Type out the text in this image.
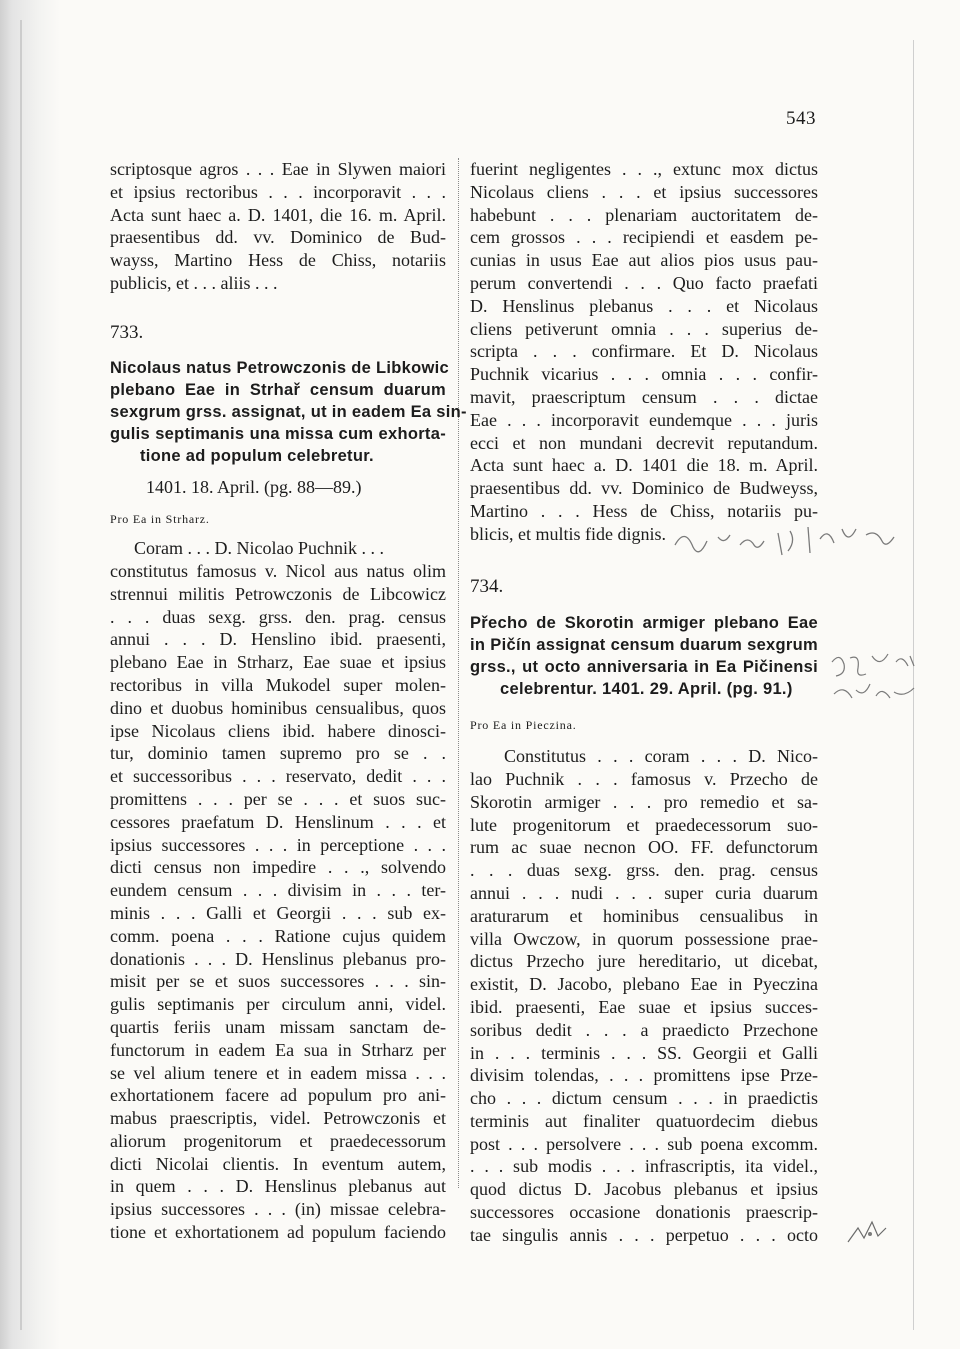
543

scriptosque agros . . . Eae in Slywen maiori
et ipsius rectoribus . . . incorporavit . . .
Acta sunt haec a. D. 1401, die 16. m. April.
praesentibus dd. vv. Dominico de Bud-
wayss, Martino Hess de Chiss, notariis
publicis, et . . . aliis . . .

733.

Nicolaus natus Petrowczonis de Libkowic
plebano Eae in Strhař censum duarum
sexgrum grss. assignat, ut in eadem Ea sin-
gulis septimanis una missa cum exhorta-
tione ad populum celebretur.

1401. 18. April. (pg. 88—89.)

Pro Ea in Strharz.

Coram . . . D. Nicolao Puchnik . . .
constitutus famosus v. Nicol aus natus olim
strennui militis Petrowczonis de Libcowicz
. . . duas sexg. grss. den. prag. census
annui . . . D. Henslino ibid. praesenti,
plebano Eae in Strharz, Eae suae et ipsius
rectoribus in villa Mukodel super molen-
dino et duobus hominibus censualibus, quos
ipse Nicolaus cliens ibid. habere dinosci-
tur, dominio tamen supremo pro se . .
et successoribus . . . reservato, dedit . . .
promittens . . . per se . . . et suos suc-
cessores praefatum D. Henslinum . . . et
ipsius successores . . . in perceptione . . .
dicti census non impedire . . ., solvendo
eundem censum . . . divisim in . . . ter-
minis . . . Galli et Georgii . . . sub ex-
comm. poena . . . Ratione cujus quidem
donationis . . . D. Henslinus plebanus pro-
misit per se et suos successores . . . sin-
gulis septimanis per circulum anni, videl.
quartis feriis unam missam sanctam de-
functorum in eadem Ea sua in Strharz per
se vel alium tenere et in eadem missa . . .
exhortationem facere ad populum pro ani-
mabus praescriptis, videl. Petrowczonis et
aliorum progenitorum et praedecessorum
dicti Nicolai clientis. In eventum autem,
in quem . . . D. Henslinus plebanus aut
ipsius successores . . . (in) missae celebra-
tione et exhortationem ad populum faciendo

fuerint negligentes . . ., extunc mox dictus
Nicolaus cliens . . . et ipsius successores
habebunt . . . plenariam auctoritatem de-
cem grossos . . . recipiendi et easdem pe-
cunias in usus Eae aut alios pios usus pau-
perum convertendi . . . Quo facto praefati
D. Henslinus plebanus . . . et Nicolaus
cliens petiverunt omnia . . . superius de-
scripta . . . confirmare. Et D. Nicolaus
Puchnik vicarius . . . omnia . . . confir-
mavit, praescriptum censum . . . dictae
Eae . . . incorporavit eundemque . . . juris
ecci et non mundani decrevit reputandum.
Acta sunt haec a. D. 1401 die 18. m. April.
praesentibus dd. vv. Dominico de Budweyss,
Martino . . . Hess de Chiss, notariis pu-
blicis, et multis fide dignis.

734.

Přecho de Skorotin armiger plebano Eae
in Pičín assignat censum duarum sexgrum
grss., ut octo anniversaria in Ea Pičinensi
celebrentur. 1401. 29. April. (pg. 91.)

Pro Ea in Pieczina.

Constitutus . . . coram . . . D. Nico-
lao Puchnik . . . famosus v. Przecho de
Skorotin armiger . . . pro remedio et sa-
lute progenitorum et praedecessorum suo-
rum ac suae necnon OO. FF. defunctorum
. . . duas sexg. grss. den. prag. census
annui . . . nudi . . . super curia duarum
araturarum et hominibus censualibus in
villa Owczow, in quorum possessione prae-
dictus Przecho jure hereditario, ut dicebat,
existit, D. Jacobo, plebano Eae in Pyeczina
ibid. praesenti, Eae suae et ipsius succes-
soribus dedit . . . a praedicto Przechone
in . . . terminis . . . SS. Georgii et Galli
divisim tolendas, . . . promittens ipse Prze-
cho . . . dictum censum . . . in praedictis
terminis aut finaliter quatuordecim diebus
post . . . persolvere . . . sub poena excomm.
. . . sub modis . . . infrascriptis, ita videl.,
quod dictus D. Jacobus plebanus et ipsius
successores occasione donationis praescrip-
tae singulis annis . . . perpetuo . . . octo
